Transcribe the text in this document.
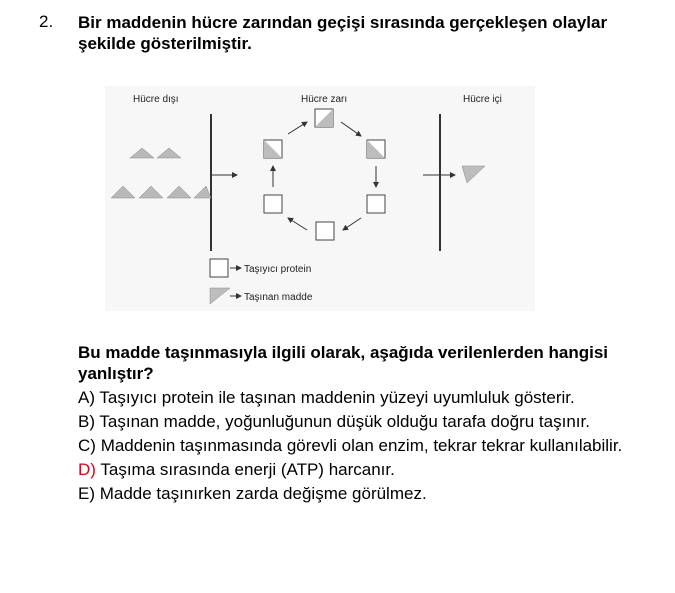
2. Bir maddenin hücre zarından geçişi sırasında gerçekleşen olaylar şekilde gösterilmiştir.
Hücre dışı	Hücre zarı	Hücre içi
Taşıyıcı protein
Taşınan madde
Bu madde taşınmasıyla ilgili olarak, aşağıda verilenlerden hangisi yanlıştır?
A) Taşıyıcı protein ile taşınan maddenin yüzeyi uyumluluk gösterir.
B) Taşınan madde, yoğunluğunun düşük olduğu tarafa doğru taşınır.
C) Maddenin taşınmasında görevli olan enzim, tekrar tekrar kullanılabilir.
D) Taşıma sırasında enerji (ATP) harcanır.
E) Madde taşınırken zarda değişme görülmez.
